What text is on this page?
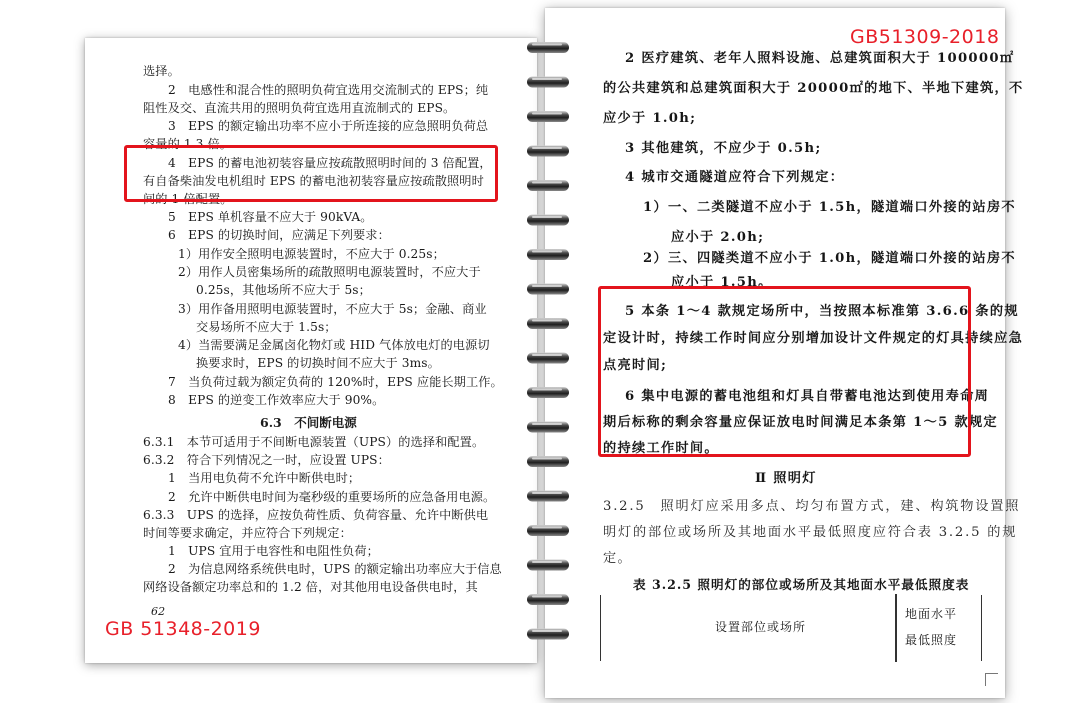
选择。
2　电感性和混合性的照明负荷宜选用交流制式的 EPS；纯
阻性及交、直流共用的照明负荷宜选用直流制式的 EPS。
3　EPS 的额定输出功率不应小于所连接的应急照明负荷总
容量的 1.3 倍。
4　EPS 的蓄电池初装容量应按疏散照明时间的 3 倍配置，
有自备柴油发电机组时 EPS 的蓄电池初装容量应按疏散照明时
间的 1 倍配置。
5　EPS 单机容量不应大于 90kVA。
6　EPS 的切换时间，应满足下列要求：
1）用作安全照明电源装置时，不应大于 0.25s；
2）用作人员密集场所的疏散照明电源装置时，不应大于
0.25s，其他场所不应大于 5s；
3）用作备用照明电源装置时，不应大于 5s；金融、商业
交易场所不应大于 1.5s；
4）当需要满足金属卤化物灯或 HID 气体放电灯的电源切
换要求时，EPS 的切换时间不应大于 3ms。
7　当负荷过载为额定负荷的 120%时，EPS 应能长期工作。
8　EPS 的逆变工作效率应大于 90%。
6.3　不间断电源
6.3.1　本节可适用于不间断电源装置（UPS）的选择和配置。
6.3.2　符合下列情况之一时，应设置 UPS：
1　当用电负荷不允许中断供电时；
2　允许中断供电时间为毫秒级的重要场所的应急备用电源。
6.3.3　UPS 的选择，应按负荷性质、负荷容量、允许中断供电
时间等要求确定，并应符合下列规定：
1　UPS 宜用于电容性和电阻性负荷；
2　为信息网络系统供电时，UPS 的额定输出功率应大于信息
网络设备额定功率总和的 1.2 倍，对其他用电设备供电时，其
62
GB 51348-2019
GB51309-2018
2 医疗建筑、老年人照料设施、总建筑面积大于 100000㎡
的公共建筑和总建筑面积大于 20000㎡的地下、半地下建筑，不
应少于 1.0h;
3 其他建筑，不应少于 0.5h;
4 城市交通隧道应符合下列规定：
1）一、二类隧道不应小于 1.5h，隧道端口外接的站房不
应小于 2.0h;
2）三、四隧类道不应小于 1.0h，隧道端口外接的站房不
应小于 1.5h。
5 本条 1～4 款规定场所中，当按照本标准第 3.6.6 条的规
定设计时，持续工作时间应分别增加设计文件规定的灯具持续应急
点亮时间;
6 集中电源的蓄电池组和灯具自带蓄电池达到使用寿命周
期后标称的剩余容量应保证放电时间满足本条第 1～5 款规定
的持续工作时间。
Ⅱ 照明灯
3.2.5　照明灯应采用多点、均匀布置方式，建、构筑物设置照
明灯的部位或场所及其地面水平最低照度应符合表 3.2.5 的规
定。
表 3.2.5 照明灯的部位或场所及其地面水平最低照度表
设置部位或场所
地面水平
最低照度
